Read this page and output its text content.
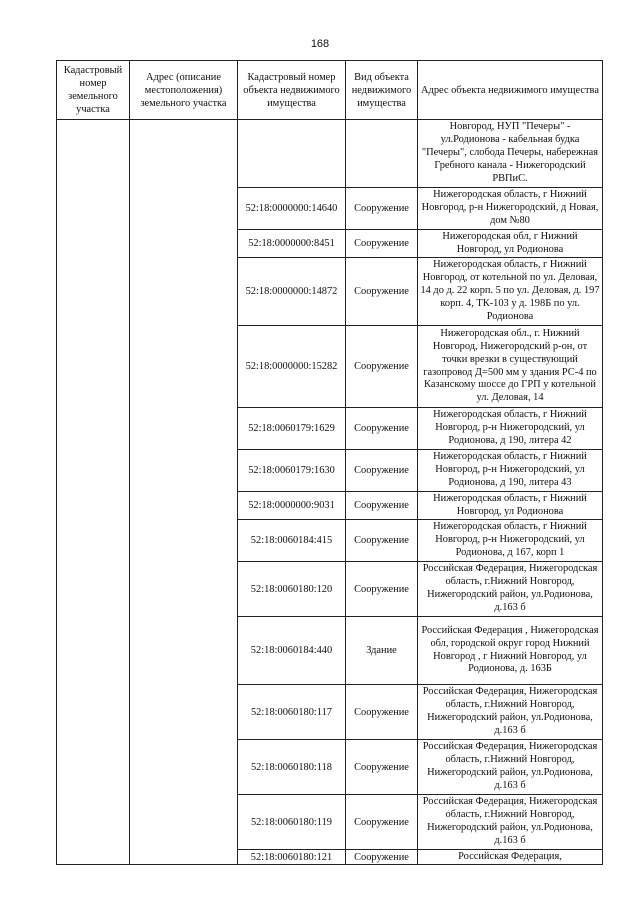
168
Кадастровый номер земельного участка	Адрес (описание местоположения) земельного участка	Кадастровый номер объекта недвижимого имущества	Вид объекта недвижимого имущества	Адрес объекта недвижимого имущества
				Новгород, НУП "Печеры" - ул.Родионова - кабельная будка "Печеры", слобода Печеры, набережная Гребного канала - Нижегородский РВПиС.
		52:18:0000000:14640	Сооружение	Нижегородская область, г Нижний Новгород, р-н Нижегородский, д Новая, дом №80
		52:18:0000000:8451	Сооружение	Нижегородская обл, г Нижний Новгород, ул Родионова
		52:18:0000000:14872	Сооружение	Нижегородская область, г Нижний Новгород, от котельной по ул. Деловая, 14 до д. 22 корп. 5 по ул. Деловая, д. 197 корп. 4, ТК-103 у д. 198Б по ул. Родионова
		52:18:0000000:15282	Сооружение	Нижегородская обл., г. Нижний Новгород, Нижегородский р-он, от точки врезки в существующий газопровод Д=500 мм у здания РС-4 по Казанскому шоссе до ГРП у котельной ул. Деловая, 14
		52:18:0060179:1629	Сооружение	Нижегородская область, г Нижний Новгород, р-н Нижегородский, ул Родионова, д 190, литера 42
		52:18:0060179:1630	Сооружение	Нижегородская область, г Нижний Новгород, р-н Нижегородский, ул Родионова, д 190, литера 43
		52:18:0000000:9031	Сооружение	Нижегородская область, г Нижний Новгород, ул Родионова
		52:18:0060184:415	Сооружение	Нижегородская область, г Нижний Новгород, р-н Нижегородский, ул Родионова, д 167, корп 1
		52:18:0060180:120	Сооружение	Российская Федерация, Нижегородская область, г.Нижний Новгород, Нижегородский район, ул.Родионова, д.163 б
		52:18:0060184:440	Здание	Российская Федерация , Нижегородская обл, городской округ город Нижний Новгород , г Нижний Новгород, ул Родионова, д. 163Б
		52:18:0060180:117	Сооружение	Российская Федерация, Нижегородская область, г.Нижний Новгород, Нижегородский район, ул.Родионова, д.163 б
		52:18:0060180:118	Сооружение	Российская Федерация, Нижегородская область, г.Нижний Новгород, Нижегородский район, ул.Родионова, д.163 б
		52:18:0060180:119	Сооружение	Российская Федерация, Нижегородская область, г.Нижний Новгород, Нижегородский район, ул.Родионова, д.163 б
		52:18:0060180:121	Сооружение	Российская Федерация,
